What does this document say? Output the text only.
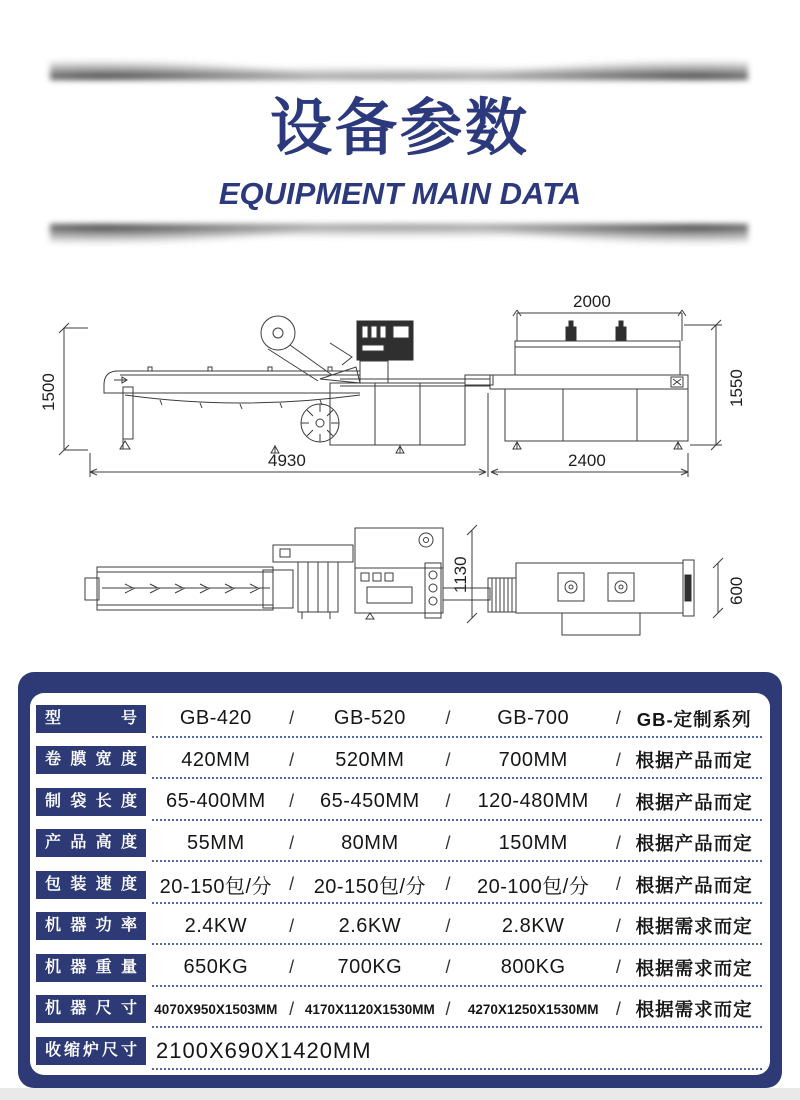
设备参数
EQUIPMENT MAIN DATA
1500
2000
1550
4930	2400
1130	600
型号	GB-420	/	GB-520	/	GB-700	/ GB-定制系列
卷膜宽度	420MM	/	520MM	/	700MM	/ 根据产品而定
制袋长度	65-400MM	/	65-450MM	/	120-480MM	/ 根据产品而定
产品高度	55MM	/	80MM	/	150MM	/ 根据产品而定
包装速度	20-150包/分 / 20-150包/分	/	20-100包/分	/ 根据产品而定
机器功率	2.4KW	/	2.6KW	/	2.8KW	/ 根据需求而定
机器重量	650KG	/	700KG	/	800KG	/ 根据需求而定
机器尺寸	4070X950X1503MM / 4170X1120X1530MM /	4270X1250X1530MM / 根据需求而定
收缩炉尺寸 2100X690X1420MM
